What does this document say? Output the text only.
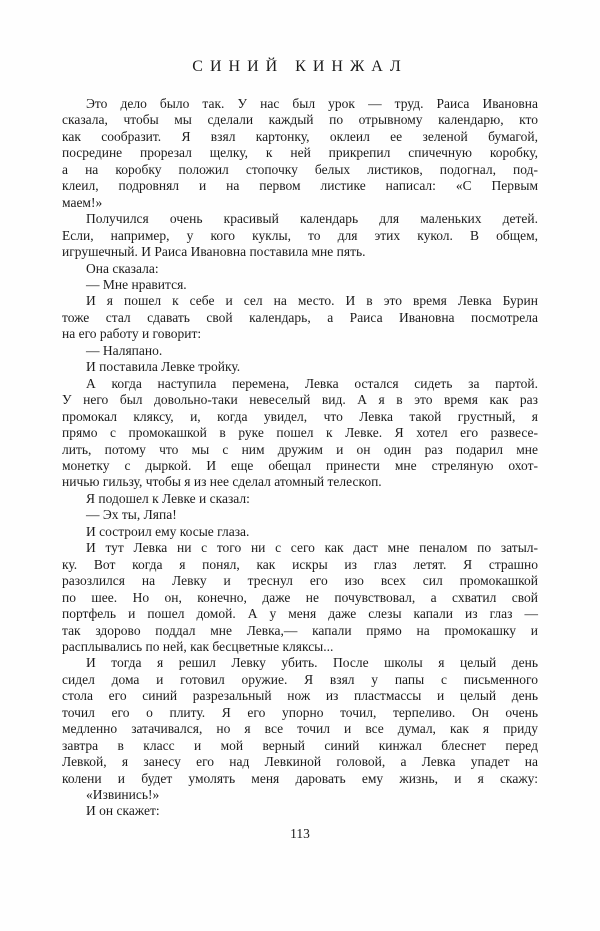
СИНИЙ КИНЖАЛ

Это дело было так. У нас был урок — труд. Раиса Ивановна

сказала, чтобы мы сделали каждый по отрывному календарю, кто

как сообразит. Я взял картонку, оклеил ее зеленой бумагой,

посредине прорезал щелку, к ней прикрепил спичечную коробку,

а на коробку положил стопочку белых листиков, подогнал, под-

клеил, подровнял и на первом листике написал: «С Первым

маем!»

Получился очень красивый календарь для маленьких детей.

Если, например, у кого куклы, то для этих кукол. В общем,

игрушечный. И Раиса Ивановна поставила мне пять.

Она сказала:

— Мне нравится.

И я пошел к себе и сел на место. И в это время Левка Бурин

тоже стал сдавать свой календарь, а Раиса Ивановна посмотрела

на его работу и говорит:

— Наляпано.

И поставила Левке тройку.

А когда наступила перемена, Левка остался сидеть за партой.

У него был довольно-таки невеселый вид. А я в это время как раз

промокал кляксу, и, когда увидел, что Левка такой грустный, я

прямо с промокашкой в руке пошел к Левке. Я хотел его развесе-

лить, потому что мы с ним дружим и он один раз подарил мне

монетку с дыркой. И еще обещал принести мне стреляную охот-

ничью гильзу, чтобы я из нее сделал атомный телескоп.

Я подошел к Левке и сказал:

— Эх ты, Ляпа!

И состроил ему косые глаза.

И тут Левка ни с того ни с сего как даст мне пеналом по затыл-

ку. Вот когда я понял, как искры из глаз летят. Я страшно

разозлился на Левку и треснул его изо всех сил промокашкой

по шее. Но он, конечно, даже не почувствовал, а схватил свой

портфель и пошел домой. А у меня даже слезы капали из глаз —

так здорово поддал мне Левка,— капали прямо на промокашку и

расплывались по ней, как бесцветные кляксы...

И тогда я решил Левку убить. После школы я целый день

сидел дома и готовил оружие. Я взял у папы с письменного

стола его синий разрезальный нож из пластмассы и целый день

точил его о плиту. Я его упорно точил, терпеливо. Он очень

медленно затачивался, но я все точил и все думал, как я приду

завтра в класс и мой верный синий кинжал блеснет перед

Левкой, я занесу его над Левкиной головой, а Левка упадет на

колени и будет умолять меня даровать ему жизнь, и я скажу:

«Извинись!»

И он скажет:

113
